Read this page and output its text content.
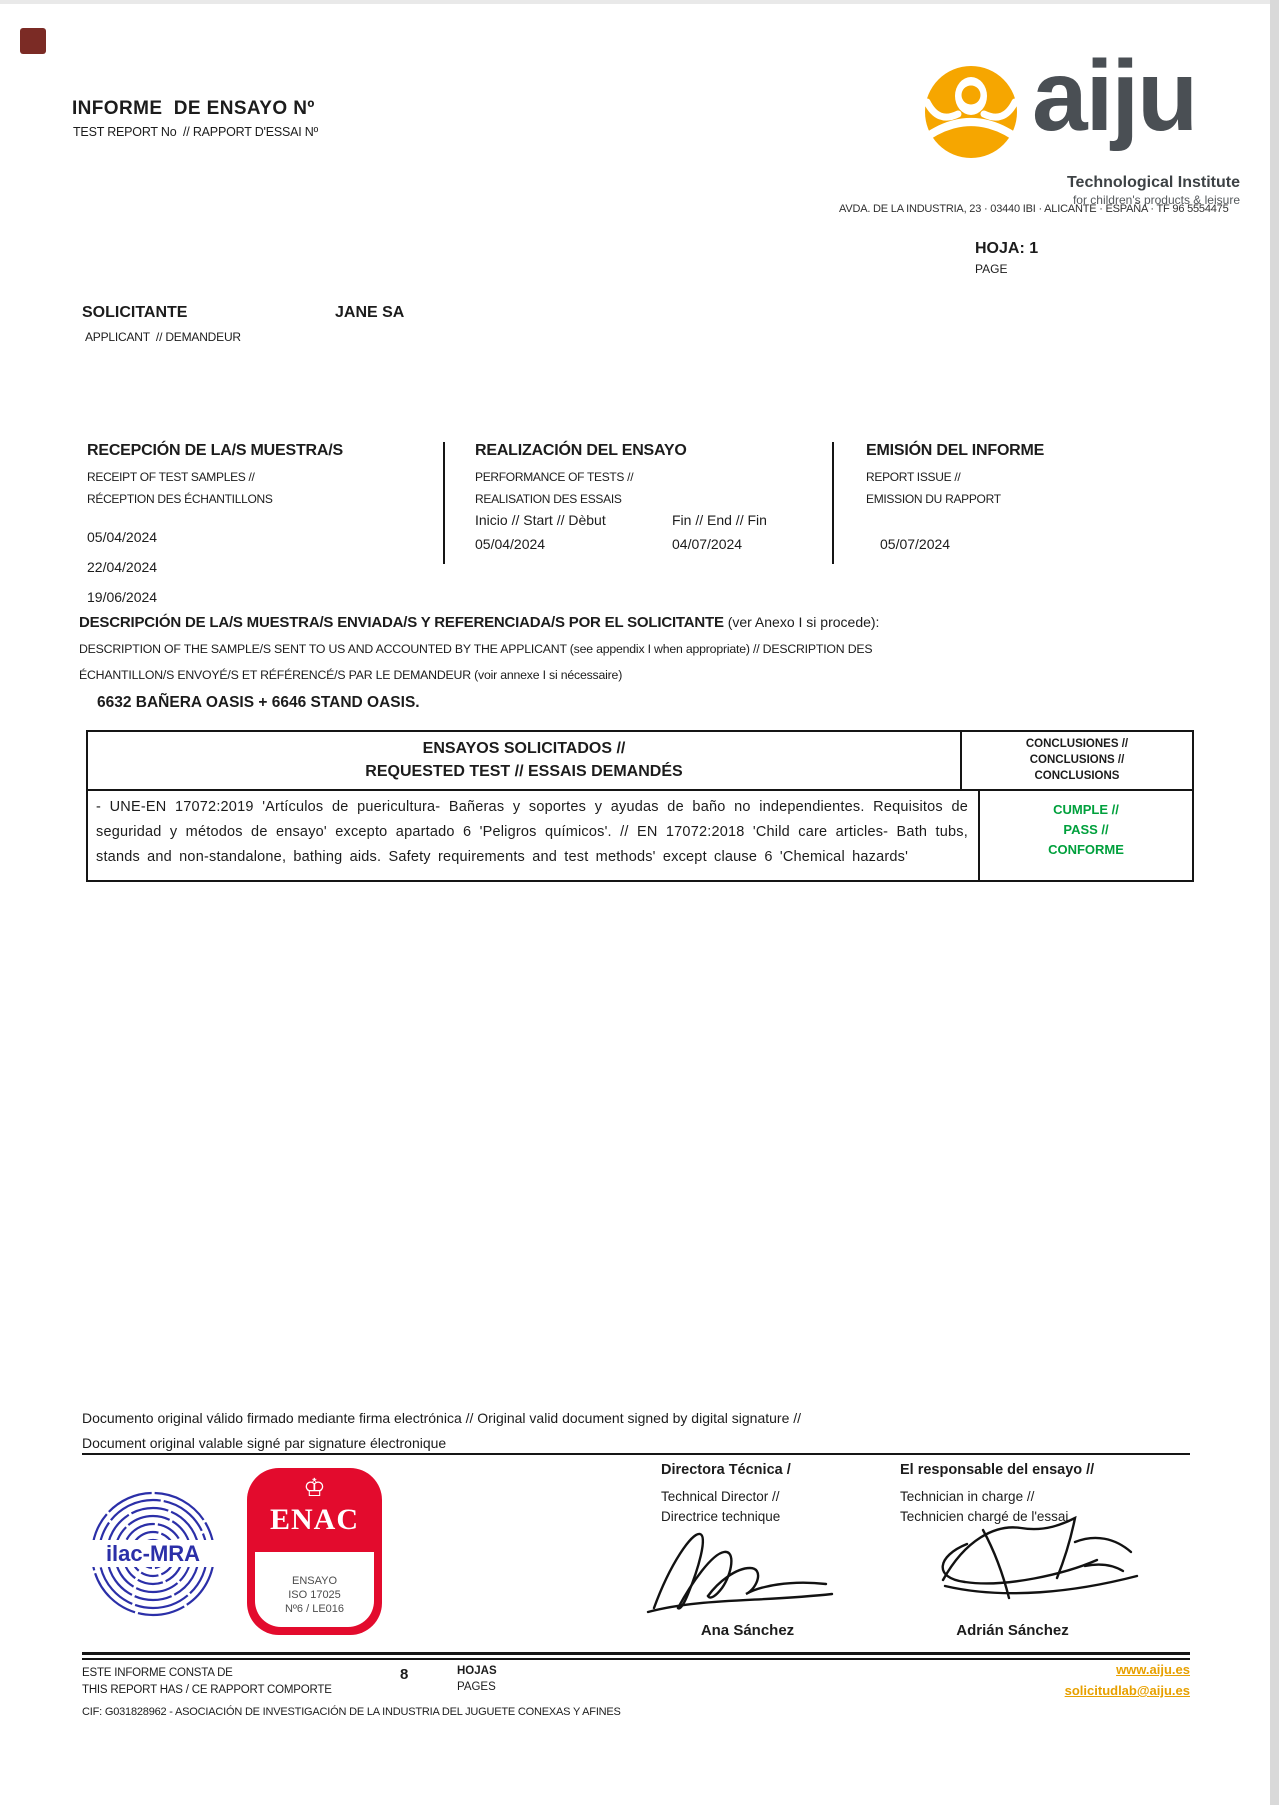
INFORME  DE ENSAYO Nº
TEST REPORT No  // RAPPORT D'ESSAI Nº	aiju
Technological Institute
for children's products & leisure
AVDA. DE LA INDUSTRIA, 23 · 03440 IBI · ALICANTE · ESPAÑA · TF 96 5554475
HOJA: 1
PAGE
SOLICITANTE	JANE SA
APPLICANT  // DEMANDEUR
RECEPCIÓN DE LA/S MUESTRA/S
RECEIPT OF TEST SAMPLES //
RÉCEPTION DES ÉCHANTILLONS
05/04/2024
22/04/2024
19/06/2024
REALIZACIÓN DEL ENSAYO
PERFORMANCE OF TESTS //
REALISATION DES ESSAIS
Inicio // Start // Dèbut	Fin // End // Fin
05/04/2024	04/07/2024
EMISIÓN DEL INFORME
REPORT ISSUE //
EMISSION DU RAPPORT
05/07/2024
DESCRIPCIÓN DE LA/S MUESTRA/S ENVIADA/S Y REFERENCIADA/S POR EL SOLICITANTE (ver Anexo I si procede):
DESCRIPTION OF THE SAMPLE/S SENT TO US AND ACCOUNTED BY THE APPLICANT (see appendix I when appropriate) // DESCRIPTION DES
ÉCHANTILLON/S ENVOYÉ/S ET RÉFÉRENCÉ/S PAR LE DEMANDEUR (voir annexe I si nécessaire)
6632 BAÑERA OASIS + 6646 STAND OASIS.
ENSAYOS SOLICITADOS //
REQUESTED TEST // ESSAIS DEMANDÉS
CONCLUSIONES //
CONCLUSIONS //
CONCLUSIONS
- UNE-EN 17072:2019 'Artículos de puericultura- Bañeras y soportes y ayudas de baño no independientes. Requisitos de seguridad y métodos de ensayo' excepto apartado 6 'Peligros químicos'. // EN 17072:2018 'Child care articles- Bath tubs, stands and non-standalone, bathing aids. Safety requirements and test methods' except clause 6 'Chemical hazards'
CUMPLE //
PASS //
CONFORME
Documento original válido firmado mediante firma electrónica // Original valid document signed by digital signature //
Document original valable signé par signature électronique
ilac-MRA
♔
ENAC
ENSAYO
ISO 17025
Nº6 / LE016
Directora Técnica /
Technical Director //
Directrice technique
El responsable del ensayo //
Technician in charge //
Technicien chargé de l'essai
Ana Sánchez	Adrián Sánchez
ESTE INFORME CONSTA DE
THIS REPORT HAS / CE RAPPORT COMPORTE
8	HOJAS
PAGES
www.aiju.es
solicitudlab@aiju.es
CIF: G031828962 - ASOCIACIÓN DE INVESTIGACIÓN DE LA INDUSTRIA DEL JUGUETE CONEXAS Y AFINES
